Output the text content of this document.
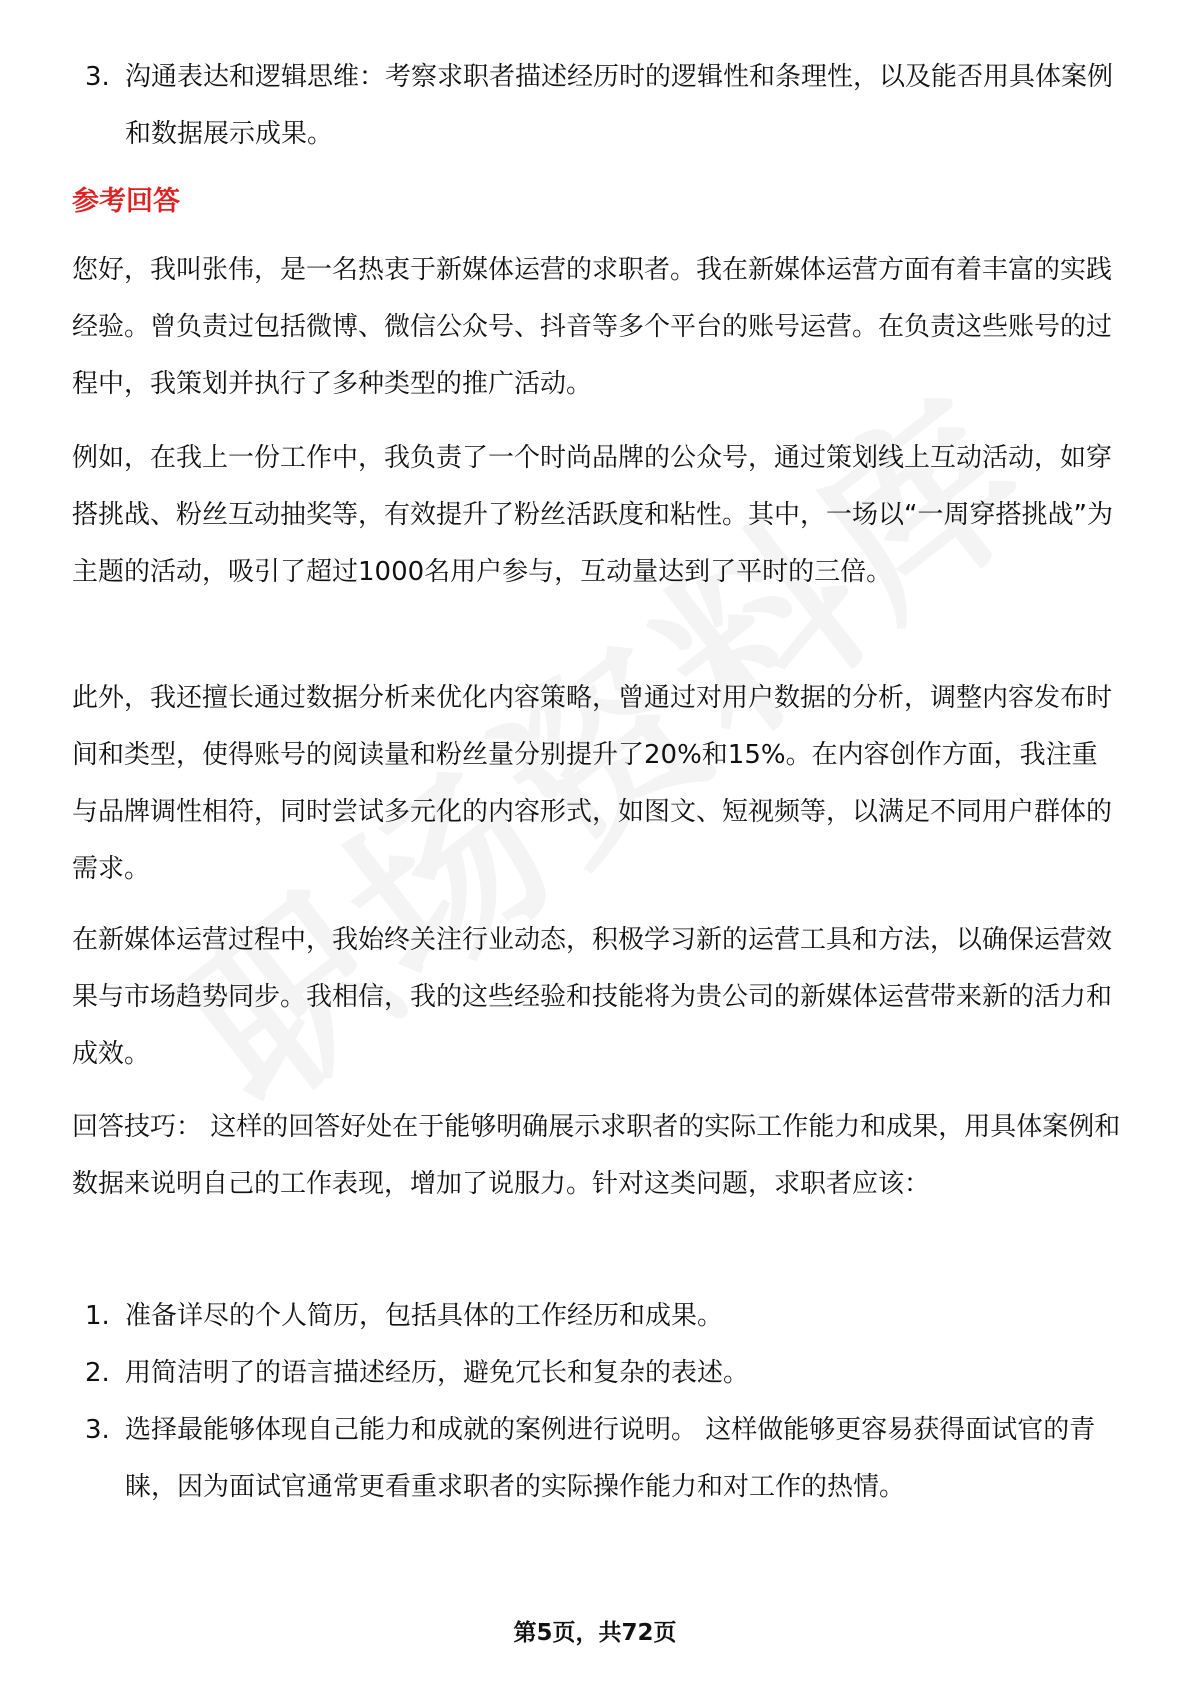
3. 沟通表达和逻辑思维：考察求职者描述经历时的逻辑性和条理性，以及能否用具体案例和数据展示成果。
参考回答
您好，我叫张伟，是一名热衷于新媒体运营的求职者。我在新媒体运营方面有着丰富的实践经验。曾负责过包括微博、微信公众号、抖音等多个平台的账号运营。在负责这些账号的过程中，我策划并执行了多种类型的推广活动。
例如，在我上一份工作中，我负责了一个时尚品牌的公众号，通过策划线上互动活动，如穿搭挑战、粉丝互动抽奖等，有效提升了粉丝活跃度和粘性。其中，一场以“一周穿搭挑战”为主题的活动，吸引了超过1000名用户参与，互动量达到了平时的三倍。
此外，我还擅长通过数据分析来优化内容策略，曾通过对用户数据的分析，调整内容发布时间和类型，使得账号的阅读量和粉丝量分别提升了20%和15%。在内容创作方面，我注重与品牌调性相符，同时尝试多元化的内容形式，如图文、短视频等，以满足不同用户群体的需求。
在新媒体运营过程中，我始终关注行业动态，积极学习新的运营工具和方法，以确保运营效果与市场趋势同步。我相信，我的这些经验和技能将为贵公司的新媒体运营带来新的活力和成效。
回答技巧： 这样的回答好处在于能够明确展示求职者的实际工作能力和成果，用具体案例和数据来说明自己的工作表现，增加了说服力。针对这类问题，求职者应该：
1. 准备详尽的个人简历，包括具体的工作经历和成果。
2. 用简洁明了的语言描述经历，避免冗长和复杂的表述。
3. 选择最能够体现自己能力和成就的案例进行说明。 这样做能够更容易获得面试官的青睐，因为面试官通常更看重求职者的实际操作能力和对工作的热情。
第5页，共72页
